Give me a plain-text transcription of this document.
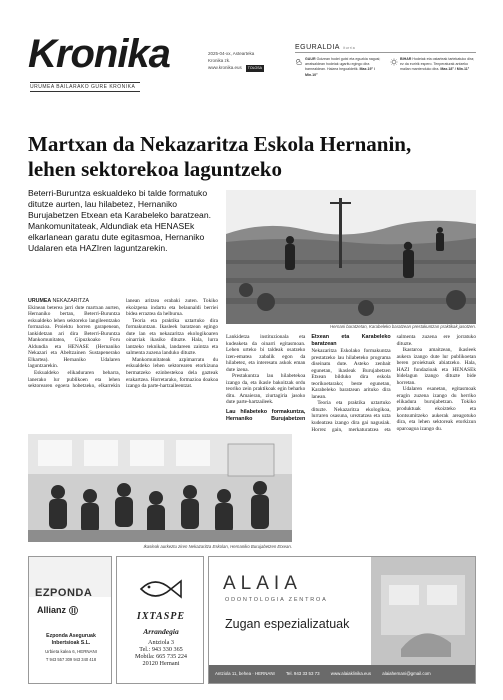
Kronika
URUMEA BAILARAKO GURE KRONIKA
2025-04-xx, Astearteka
Kronika zk.
www.kronika.eus TOLOSA
EGURALDIA iturria
GAUR Goizean hodei gutxi eta eguzkia nagusi; arratsaldean hodeiak ugaritu egingo dira barnealdean. Haizea hegoaldetik. Max.19° / Min.10°
BIHAR Hodeiak eta ostarteak tartekatuko dira; ez da euririk espero. Tenperaturak antzeko mailan mantenduko dira. Max.18° / Min.11°
Martxan da Nekazaritza Eskola Hernanin,
lehen sektorekoa laguntzeko
Beterri-Buruntza eskualdeko bi talde formatuko ditutze aurten, lau hilabetez, Hernaniko Burujabetzen Etxean eta Karabeleko baratzean. Mankomunitateak, Aldundiak eta HENASEk elkarlanean garatu dute egitasmoa, Hernaniko Udalaren eta HAZIren laguntzarekin.

URUMEA NEKAZARITZA

Ekinean beterea jarri dute martxan aurten, Hernaniko bertan, Beterri-Buruntza eskualdeko lehen sektoreko langileentzako formazioa. Proiektu horren garapenean, lankidetzan ari dira Beterri-Buruntza Mankomunitatea, Gipuzkoako Foru Aldundia eta HENASE (Hernaniko Nekazari eta Abeltzainen Sustapenerako Elkartea). Hernaniko Udalaren laguntzarekin.

Eskualdeko elikaduraren beharra, lanerako lur publikoen eta lehen sektorearen egoera hobetzeko, elkarrekin lanean aritzea erabaki zuten. Tokiko ekoizpena indartu eta belaunaldi berriei bidea erraztea da helburua.

Teoria eta praktika uztartuko dira formakuntzan. Ikasleek baratzean egingo dute lan eta nekazaritza ekologikoaren oinarriak ikasiko dituzte. Hala, lurra lantzeko teknikak, landareen zaintza eta salmenta zuzena landuko dituzte.

Mankomunitateak azpimarratu du eskualdeko lehen sektorearen etorkizuna bermatzeko ezinbestekoa dela gazteak erakartzea. Horretarako, formazioa doakoa izango da parte-hartzaileentzat.

Hernani baratzetan, Karabeleko baratzean prestakuntzan praktikak jasotzen.

Lankidetza instituzionala eta kudeaketa da oinarri egitasmoan. Lehen urteko bi taldeak osatzeko izen-ematea zabalik egon da hilabetez, eta interesatu askok eman dute izena.

Prestakuntza lau hilabetekoa izango da, eta ikasle bakoitzak ordu teoriko zein praktikoak egin beharko ditu. Amaieran, ziurtagiria jasoko dute parte-hartzaileek.

Lau hilabeteko formakuntza, Hernaniko Burujabetzen Etxean eta Karabeleko baratzean

Nekazaritza Eskolako formakuntza prestatzeko lau hilabeteko programa diseinatu dute. Asteko zenbait egunetan, ikasleak Burujabetzen Etxean bilduko dira eskola teorikoetarako; beste egunetan, Karabeleko baratzean arituko dira lanean.

Teoria eta praktika uztartuko dituzte. Nekazaritza ekologikoa, lurraren osasuna, ureztatzea eta uzta kudeatzea izango dira gai nagusiak. Horrez gain, merkaturatzea eta salmenta zuzena ere jorratuko dituzte.

Ikastaroa amaitzean, ikasleek aukera izango dute lur publikoetan beren proiektuak abiatzeko. Hala, HAZI fundazioak eta HENASEk bidelagun izango dituzte bide horretan.

Udalaren esanetan, egitasmoak eragin zuzena izango du herriko elikadura burujabetzan. Tokiko produktuak ekoizteko eta kontsumitzeko aukerak areagotuko dira, eta lehen sektoreak etorkizun oparoagoa izango du.

Ikasleak aurkeztu ziren Nekazaritza Eskolan, Hernaniko Burujabetzen Etxean.
EZPONDA
Allianz
Ezponda Aseguruak Inbertsioak S.L.
Urbieta kalea 6, HERNANI
T 943 557 309 943 340 418
IXTASPE
Arrandegia
Antziola 3
Tel.: 943 330 365
Mobila: 665 735 224
20120 Hernani
ALAIA
ODONTOLOGIA ZENTROA
Zugan espezializatuak
Antziola 11, behea · HERNANI	Tel. 943 33 53 73	www.alaiaklinika.eus	alaiahernani@gmail.com
